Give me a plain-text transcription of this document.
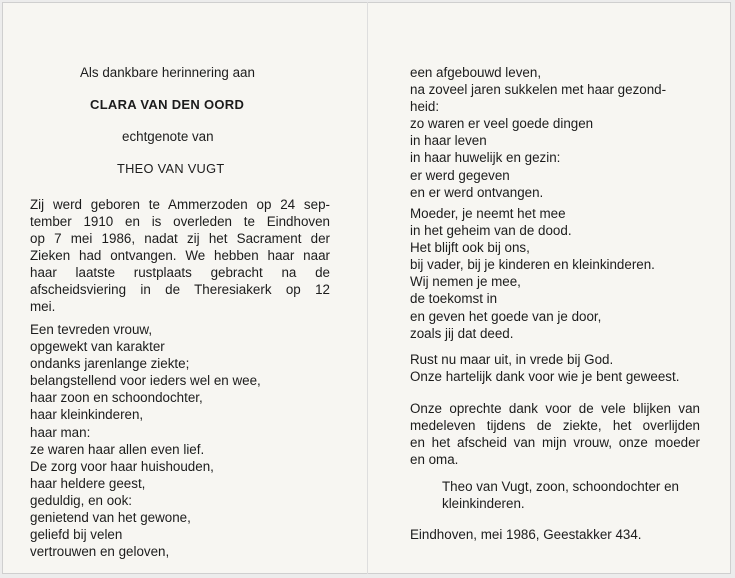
Als dankbare herinnering aan
CLARA VAN DEN OORD
echtgenote van
THEO VAN VUGT
Zij werd geboren te Ammerzoden op 24 sep-
tember 1910 en is overleden te Eindhoven
op 7 mei 1986, nadat zij het Sacrament der
Zieken had ontvangen. We hebben haar naar
haar laatste rustplaats gebracht na de
afscheidsviering in de Theresiakerk op 12
mei.
Een tevreden vrouw,
opgewekt van karakter
ondanks jarenlange ziekte;
belangstellend voor ieders wel en wee,
haar zoon en schoondochter,
haar kleinkinderen,
haar man:
ze waren haar allen even lief.
De zorg voor haar huishouden,
haar heldere geest,
geduldig, en ook:
genietend van het gewone,
geliefd bij velen
vertrouwen en geloven,
een afgebouwd leven,
na zoveel jaren sukkelen met haar gezond-
heid:
zo waren er veel goede dingen
in haar leven
in haar huwelijk en gezin:
er werd gegeven
en er werd ontvangen.
Moeder, je neemt het mee
in het geheim van de dood.
Het blijft ook bij ons,
bij vader, bij je kinderen en kleinkinderen.
Wij nemen je mee,
de toekomst in
en geven het goede van je door,
zoals jij dat deed.
Rust nu maar uit, in vrede bij God.
Onze hartelijk dank voor wie je bent geweest.
Onze oprechte dank voor de vele blijken van
medeleven tijdens de ziekte, het overlijden
en het afscheid van mijn vrouw, onze moeder
en oma.
Theo van Vugt, zoon, schoondochter en
kleinkinderen.
Eindhoven, mei 1986, Geestakker 434.
